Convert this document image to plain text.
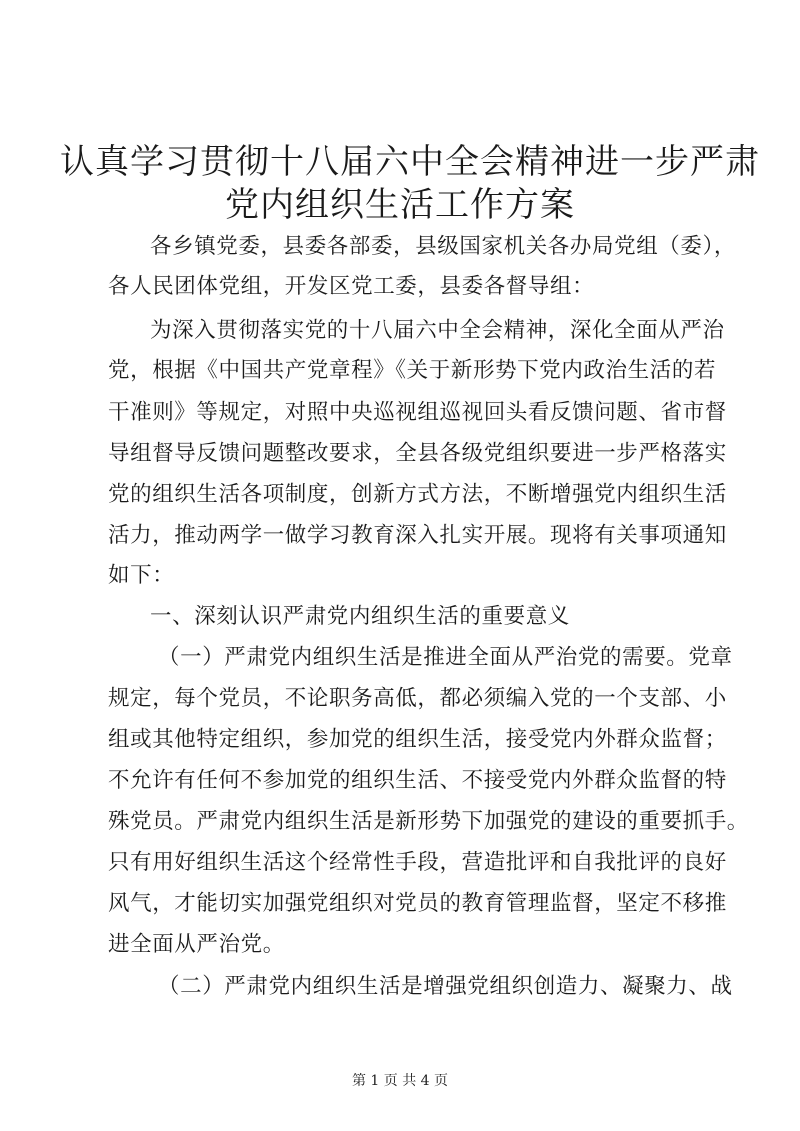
认真学习贯彻十八届六中全会精神进一步严肃
党内组织生活工作方案
各乡镇党委，县委各部委，县级国家机关各办局党组（委），
各人民团体党组，开发区党工委，县委各督导组：
为深入贯彻落实党的十八届六中全会精神，深化全面从严治
党，根据《中国共产党章程》《关于新形势下党内政治生活的若
干准则》等规定，对照中央巡视组巡视回头看反馈问题、省市督
导组督导反馈问题整改要求，全县各级党组织要进一步严格落实
党的组织生活各项制度，创新方式方法，不断增强党内组织生活
活力，推动两学一做学习教育深入扎实开展。现将有关事项通知
如下：
一、深刻认识严肃党内组织生活的重要意义
（一）严肃党内组织生活是推进全面从严治党的需要。党章
规定，每个党员，不论职务高低，都必须编入党的一个支部、小
组或其他特定组织，参加党的组织生活，接受党内外群众监督；
不允许有任何不参加党的组织生活、不接受党内外群众监督的特
殊党员。严肃党内组织生活是新形势下加强党的建设的重要抓手。
只有用好组织生活这个经常性手段，营造批评和自我批评的良好
风气，才能切实加强党组织对党员的教育管理监督，坚定不移推
进全面从严治党。
（二）严肃党内组织生活是增强党组织创造力、凝聚力、战
第 1 页 共 4 页
